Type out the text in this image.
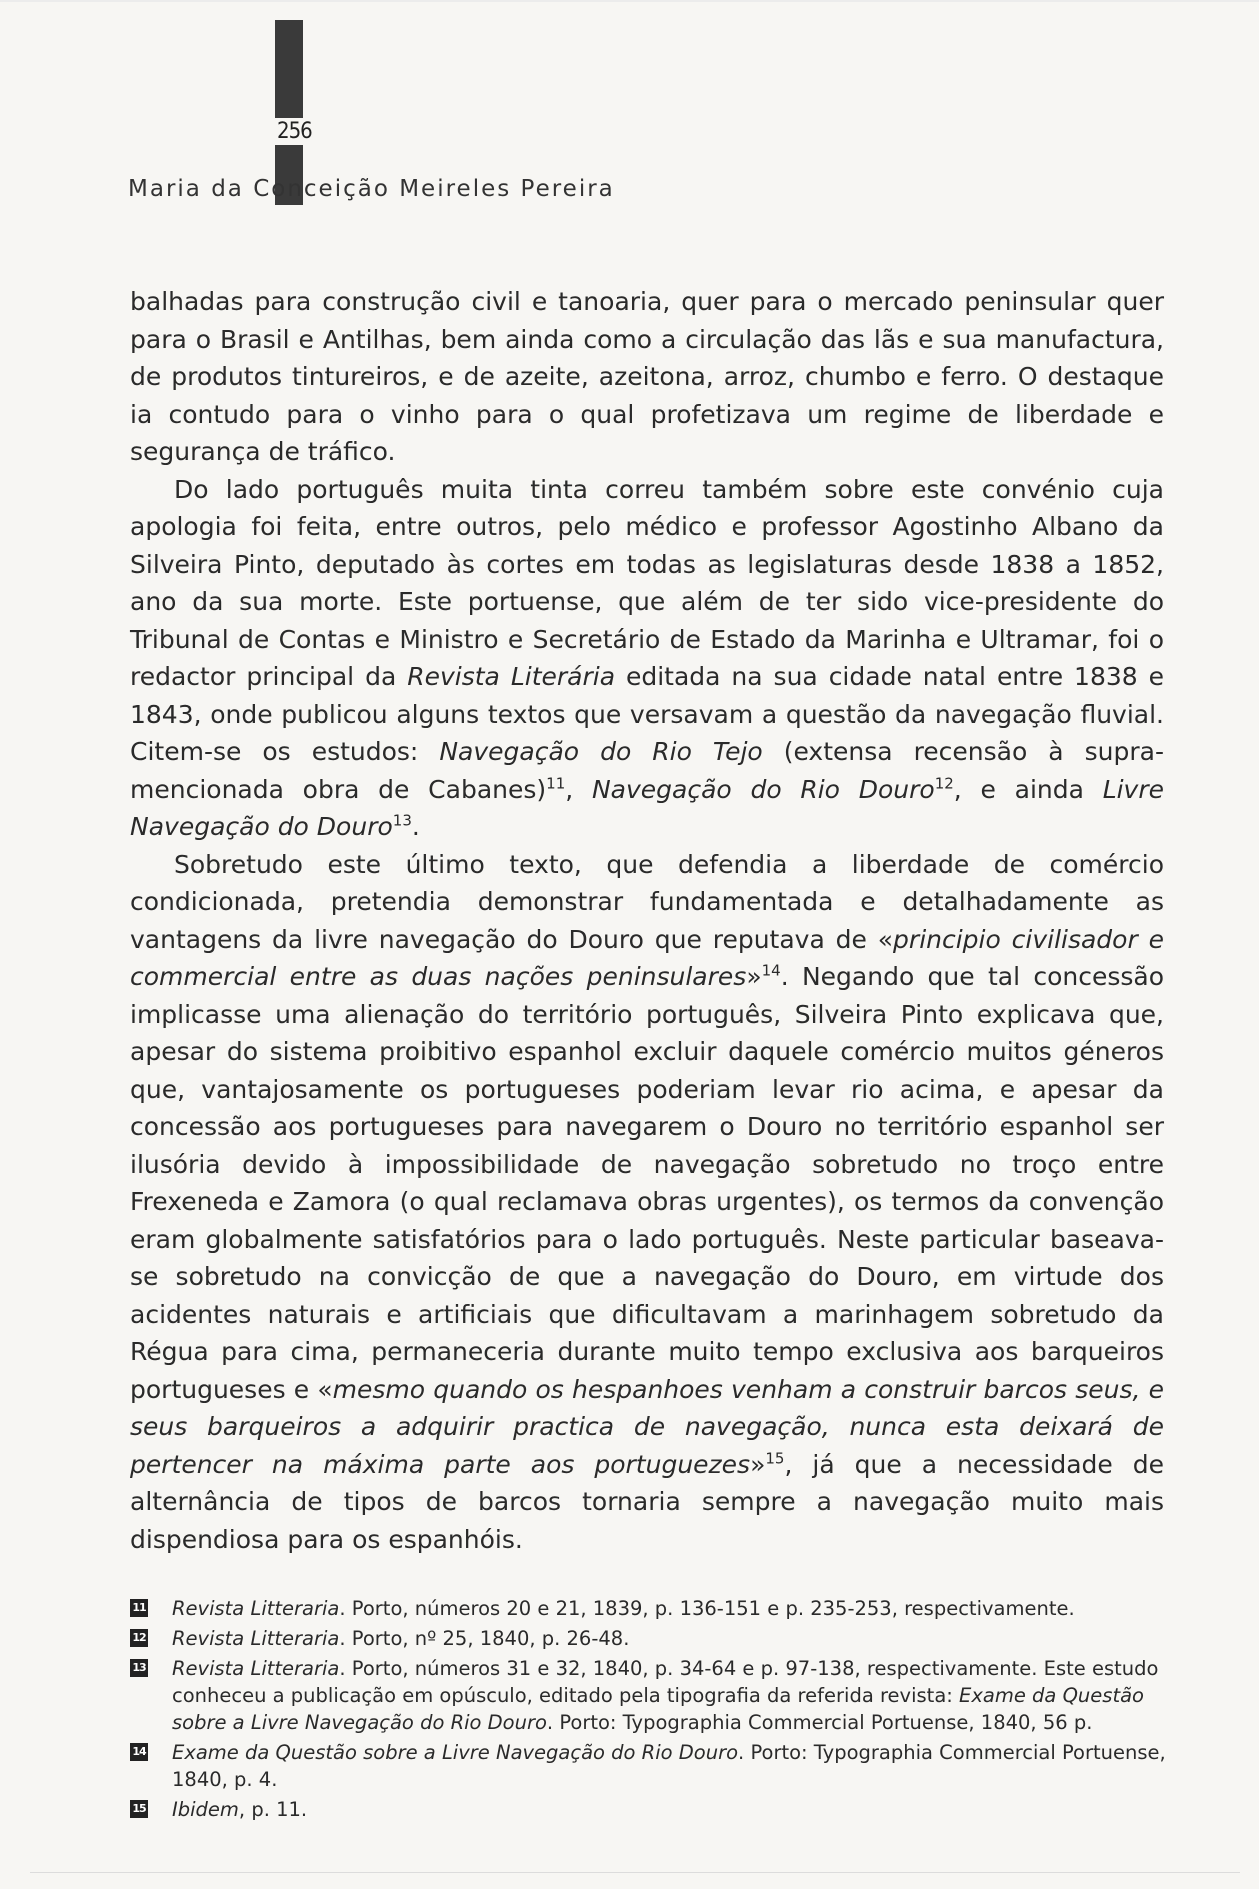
256
Maria da Conceição Meireles Pereira

balhadas para construção civil e tanoaria, quer para o mercado peninsular quer para o Brasil e Antilhas, bem ainda como a circulação das lãs e sua manufactura, de produtos tintureiros, e de azeite, azeitona, arroz, chumbo e ferro. O destaque ia contudo para o vinho para o qual profetizava um regime de liberdade e segurança de tráfico.

Do lado português muita tinta correu também sobre este convénio cuja apologia foi feita, entre outros, pelo médico e professor Agostinho Albano da Silveira Pinto, deputado às cortes em todas as legislaturas desde 1838 a 1852, ano da sua morte. Este portuense, que além de ter sido vice-presidente do Tribunal de Contas e Ministro e Secretário de Estado da Marinha e Ultramar, foi o redactor principal da Revista Literária editada na sua cidade natal entre 1838 e 1843, onde publicou alguns textos que versavam a questão da navegação fluvial. Citem-se os estudos: Navegação do Rio Tejo (extensa recensão à supra-mencionada obra de Cabanes)$^{11}$, Navegação do Rio Douro$^{12}$, e ainda Livre Navegação do Douro$^{13}$.

Sobretudo este último texto, que defendia a liberdade de comércio condicionada, pretendia demonstrar fundamentada e detalhadamente as vantagens da livre navegação do Douro que reputava de «principio civilisador e commercial entre as duas nações peninsulares»$^{14}$. Negando que tal concessão implicasse uma alienação do território português, Silveira Pinto explicava que, apesar do sistema proibitivo espanhol excluir daquele comércio muitos géneros que, vantajosamente os portugueses poderiam levar rio acima, e apesar da concessão aos portugueses para navegarem o Douro no território espanhol ser ilusória devido à impossibilidade de navegação sobretudo no troço entre Frexeneda e Zamora (o qual reclamava obras urgentes), os termos da convenção eram globalmente satisfatórios para o lado português. Neste particular baseava-se sobretudo na convicção de que a navegação do Douro, em virtude dos acidentes naturais e artificiais que dificultavam a marinhagem sobretudo da Régua para cima, permaneceria durante muito tempo exclusiva aos barqueiros portugueses e «mesmo quando os hespanhoes venham a construir barcos seus, e seus barqueiros a adquirir practica de navegação, nunca esta deixará de pertencer na máxima parte aos portuguezes»$^{15}$, já que a necessidade de alternância de tipos de barcos tornaria sempre a navegação muito mais dispendiosa para os espanhóis.

11 Revista Litteraria. Porto, números 20 e 21, 1839, p. 136-151 e p. 235-253, respectivamente.
12 Revista Litteraria. Porto, nº 25, 1840, p. 26-48.
13 Revista Litteraria. Porto, números 31 e 32, 1840, p. 34-64 e p. 97-138, respectivamente. Este estudo conheceu a publicação em opúsculo, editado pela tipografia da referida revista: Exame da Questão sobre a Livre Navegação do Rio Douro. Porto: Typographia Commercial Portuense, 1840, 56 p.
14 Exame da Questão sobre a Livre Navegação do Rio Douro. Porto: Typographia Commercial Portuense, 1840, p. 4.
15 Ibidem, p. 11.
